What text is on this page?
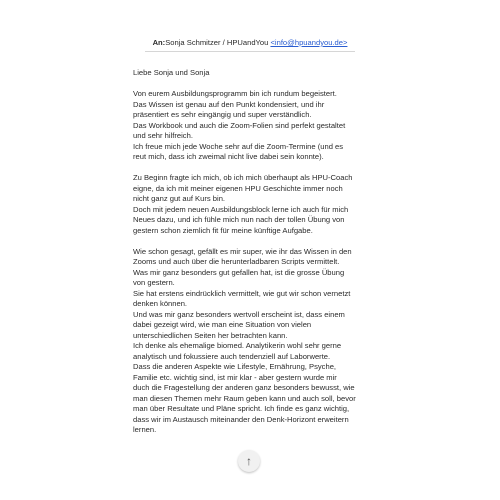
An:Sonja Schmitzer / HPUandYou <info@hpuandyou.de>

Liebe Sonja und Sonja

Von eurem Ausbildungsprogramm bin ich rundum begeistert.

Das Wissen ist genau auf den Punkt kondensiert, und ihr

präsentiert es sehr eingängig und super verständlich.

Das Workbook und auch die Zoom-Folien sind perfekt gestaltet

und sehr hilfreich.

Ich freue mich jede Woche sehr auf die Zoom-Termine (und es

reut mich, dass ich zweimal nicht live dabei sein konnte).

Zu Beginn fragte ich mich, ob ich mich überhaupt als HPU-Coach

eigne, da ich mit meiner eigenen HPU Geschichte immer noch

nicht ganz gut auf Kurs bin.

Doch mit jedem neuen Ausbildungsblock lerne ich auch für mich

Neues dazu, und ich fühle mich nun nach der tollen Übung von

gestern schon ziemlich fit für meine künftige Aufgabe.

Wie schon gesagt, gefällt es mir super, wie ihr das Wissen in den

Zooms und auch über die herunterladbaren Scripts vermittelt.

Was mir ganz besonders gut gefallen hat, ist die grosse Übung

von gestern.

Sie hat erstens eindrücklich vermittelt, wie gut wir schon vernetzt

denken können.

Und was mir ganz besonders wertvoll erscheint ist, dass einem

dabei gezeigt wird, wie man eine Situation von vielen

unterschiedlichen Seiten her betrachten kann.

Ich denke als ehemalige biomed. Analytikerin wohl sehr gerne

analytisch und fokussiere auch tendenziell auf Laborwerte.

Dass die anderen Aspekte wie Lifestyle, Ernährung, Psyche,

Familie etc. wichtig sind, ist mir klar - aber gestern wurde mir

duch die Fragestellung der anderen ganz besonders bewusst, wie

man diesen Themen mehr Raum geben kann und auch soll, bevor

man über Resultate und Pläne spricht. Ich finde es ganz wichtig,

dass wir im Austausch miteinander den Denk-Horizont erweitern

lernen.

↑
